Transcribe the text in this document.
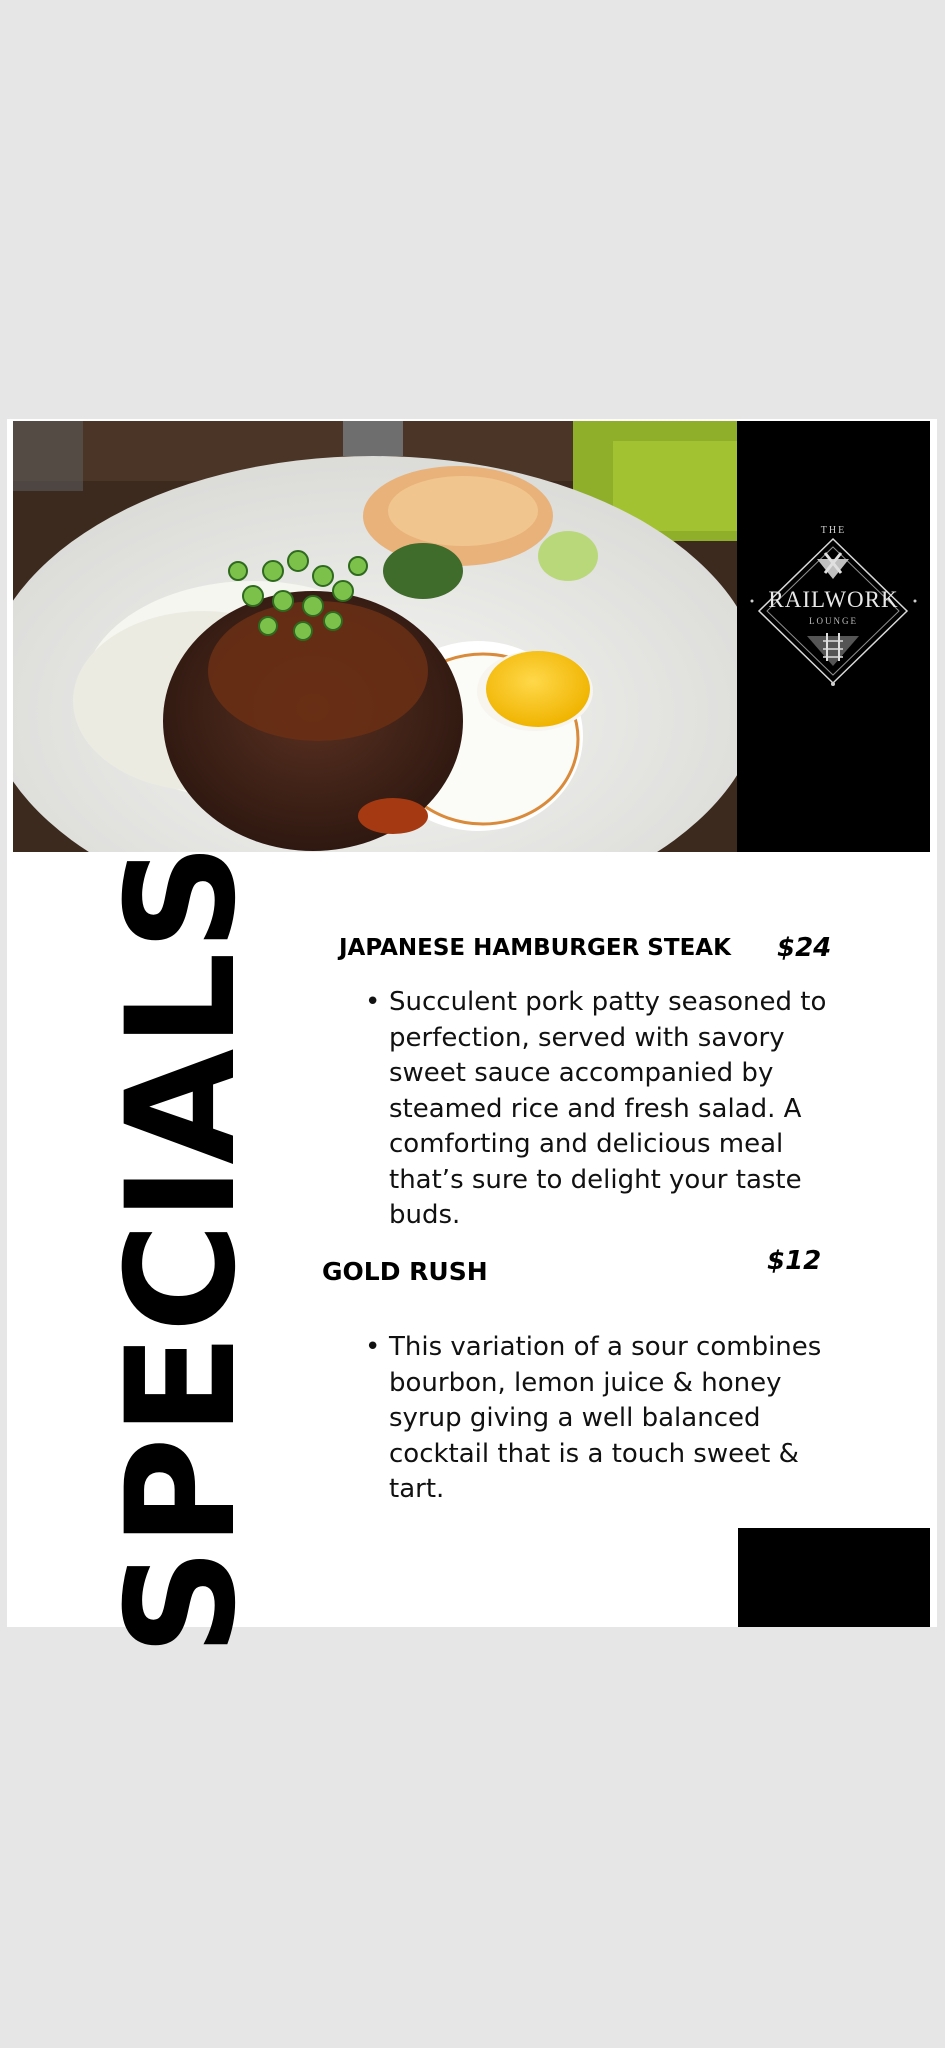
THE
RAILWORK
LOUNGE
SPECIALS	JAPANESE HAMBURGER STEAK $24
• Succulent pork patty seasoned to perfection, served with savory sweet sauce accompanied by steamed rice and fresh salad. A comforting and delicious meal that’s sure to delight your taste buds.
GOLD RUSH	$12
• This variation of a sour combines bourbon, lemon juice & honey syrup giving a well balanced cocktail that is a touch sweet & tart.
